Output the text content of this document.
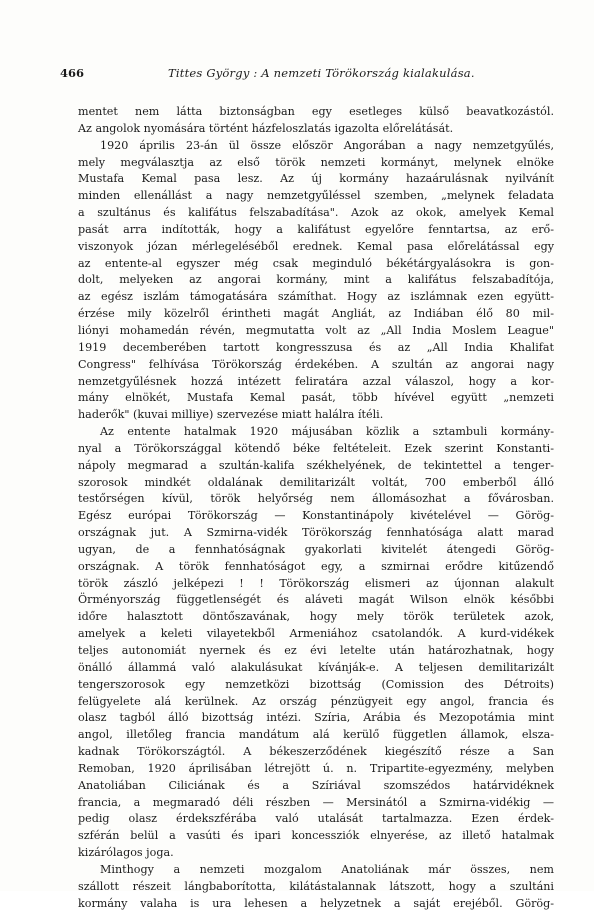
466	Tittes György : A nemzeti Törökország kialakulása.
mentet nem látta biztonságban egy esetleges külső beavatkozástól.
Az angolok nyomására történt házfeloszlatás igazolta előrelátását.
1920 április 23-án ül össze először Angorában a nagy nemzetgyűlés,
mely megválasztja az első török nemzeti kormányt, melynek elnöke
Mustafa Kemal pasa lesz. Az új kormány hazaárulásnak nyilvánít
minden ellenállást a nagy nemzetgyűléssel szemben, „melynek feladata
a szultánus és kalifátus felszabadítása". Azok az okok, amelyek Kemal
pasát arra indították, hogy a kalifátust egyelőre fenntartsa, az erő-
viszonyok józan mérlegeléséből erednek. Kemal pasa előrelátással egy
az entente-al egyszer még csak meginduló békétárgyalásokra is gon-
dolt, melyeken az angorai kormány, mint a kalifátus felszabadítója,
az egész iszlám támogatására számíthat. Hogy az iszlámnak ezen együtt-
érzése mily közelről érintheti magát Angliát, az Indiában élő 80 mil-
liónyi mohamedán révén, megmutatta volt az „All India Moslem League"
1919 decemberében tartott kongresszusa és az „All India Khalifat
Congress" felhívása Törökország érdekében. A szultán az angorai nagy
nemzetgyűlésnek hozzá intézett feliratára azzal válaszol, hogy a kor-
mány elnökét, Mustafa Kemal pasát, több hívével együtt „nemzeti
haderők" (kuvai milliye) szervezése miatt halálra ítéli.
Az entente hatalmak 1920 májusában közlik a sztambuli kormány-
nyal a Törökországgal kötendő béke feltételeit. Ezek szerint Konstanti-
nápoly megmarad a szultán-kalifa székhelyének, de tekintettel a tenger-
szorosok mindkét oldalának demilitarizált voltát, 700 emberből álló
testőrségen kívül, török helyőrség nem állomásozhat a fővárosban.
Egész európai Törökország — Konstantinápoly kivételével — Görög-
országnak jut. A Szmirna-vidék Törökország fennhatósága alatt marad
ugyan, de a fennhatóságnak gyakorlati kivitelét átengedi Görög-
országnak. A török fennhatóságot egy, a szmirnai erődre kitűzendő
török zászló jelképezi ! ! Törökország elismeri az újonnan alakult
Örményország függetlenségét és aláveti magát Wilson elnök későbbi
időre halasztott döntőszavának, hogy mely török területek azok,
amelyek a keleti vilayetekből Armeniához csatolandók. A kurd-vidékek
teljes autonomiát nyernek és ez évi letelte után határozhatnak, hogy
önálló állammá való alakulásukat kívánják-e. A teljesen demilitarizált
tengerszorosok egy nemzetközi bizottság (Comission des Détroits)
felügyelete alá kerülnek. Az ország pénzügyeit egy angol, francia és
olasz tagból álló bizottság intézi. Szíria, Arábia és Mezopotámia mint
angol, illetőleg francia mandátum alá kerülő független államok, elsza-
kadnak Törökországtól. A békeszerződének kiegészítő része a San
Remoban, 1920 áprilisában létrejött ú. n. Tripartite-egyezmény, melyben
Anatoliában Ciliciának és a Szíriával szomszédos határvidéknek
francia, a megmaradó déli részben — Mersinától a Szmirna-vidékig —
pedig olasz érdekszférába való utalását tartalmazza. Ezen érdek-
szférán belül a vasúti és ipari koncessziók elnyerése, az illető hatalmak
kizárólagos joga.
Minthogy a nemzeti mozgalom Anatoliának már összes, nem
szállott részeit lángbaborította, kilátástalannak látszott, hogy a szultáni
kormány valaha is ura lehesen a helyzetnek a saját erejéből. Görög-
